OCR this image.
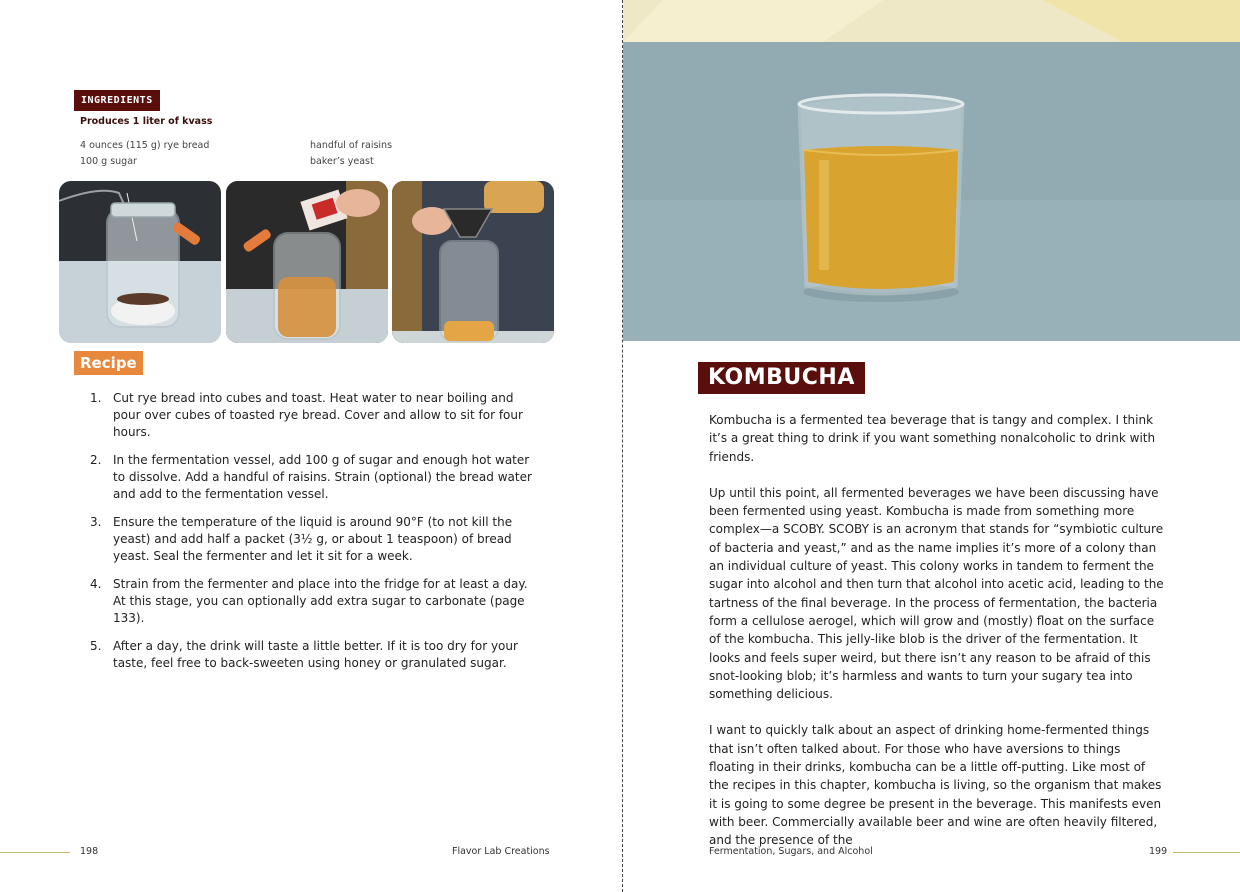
INGREDIENTS
Produces 1 liter of kvass
4 ounces (115 g) rye bread
100 g sugar
handful of raisins
baker’s yeast
Recipe
1. Cut rye bread into cubes and toast. Heat water to near boiling and pour over cubes of toasted rye bread. Cover and allow to sit for four hours.
2. In the fermentation vessel, add 100 g of sugar and enough hot water to dissolve. Add a handful of raisins. Strain (optional) the bread water and add to the fermentation vessel.
3. Ensure the temperature of the liquid is around 90°F (to not kill the yeast) and add half a packet (3½ g, or about 1 teaspoon) of bread yeast. Seal the fermenter and let it sit for a week.
4. Strain from the fermenter and place into the fridge for at least a day. At this stage, you can optionally add extra sugar to carbonate (page 133).
5. After a day, the drink will taste a little better. If it is too dry for your taste, feel free to back-sweeten using honey or granulated sugar.
198	Flavor Lab Creations
KOMBUCHA

Kombucha is a fermented tea beverage that is tangy and complex. I think it’s a great thing to drink if you want something nonalcoholic to drink with friends.

Up until this point, all fermented beverages we have been discussing have been fermented using yeast. Kombucha is made from something more complex—a SCOBY. SCOBY is an acronym that stands for “symbiotic culture of bacteria and yeast,” and as the name implies it’s more of a colony than an individual culture of yeast. This colony works in tandem to ferment the sugar into alcohol and then turn that alcohol into acetic acid, leading to the tartness of the final beverage. In the process of fermentation, the bacteria form a cellulose aerogel, which will grow and (mostly) float on the surface of the kombucha. This jelly-like blob is the driver of the fermentation. It looks and feels super weird, but there isn’t any reason to be afraid of this snot-looking blob; it’s harmless and wants to turn your sugary tea into something delicious.

I want to quickly talk about an aspect of drinking home-fermented things that isn’t often talked about. For those who have aversions to things floating in their drinks, kombucha can be a little off-putting. Like most of the recipes in this chapter, kombucha is living, so the organism that makes it is going to some degree be present in the beverage. This manifests even with beer. Commercially available beer and wine are often heavily filtered, and the presence of the

Fermentation, Sugars, and Alcohol	199
